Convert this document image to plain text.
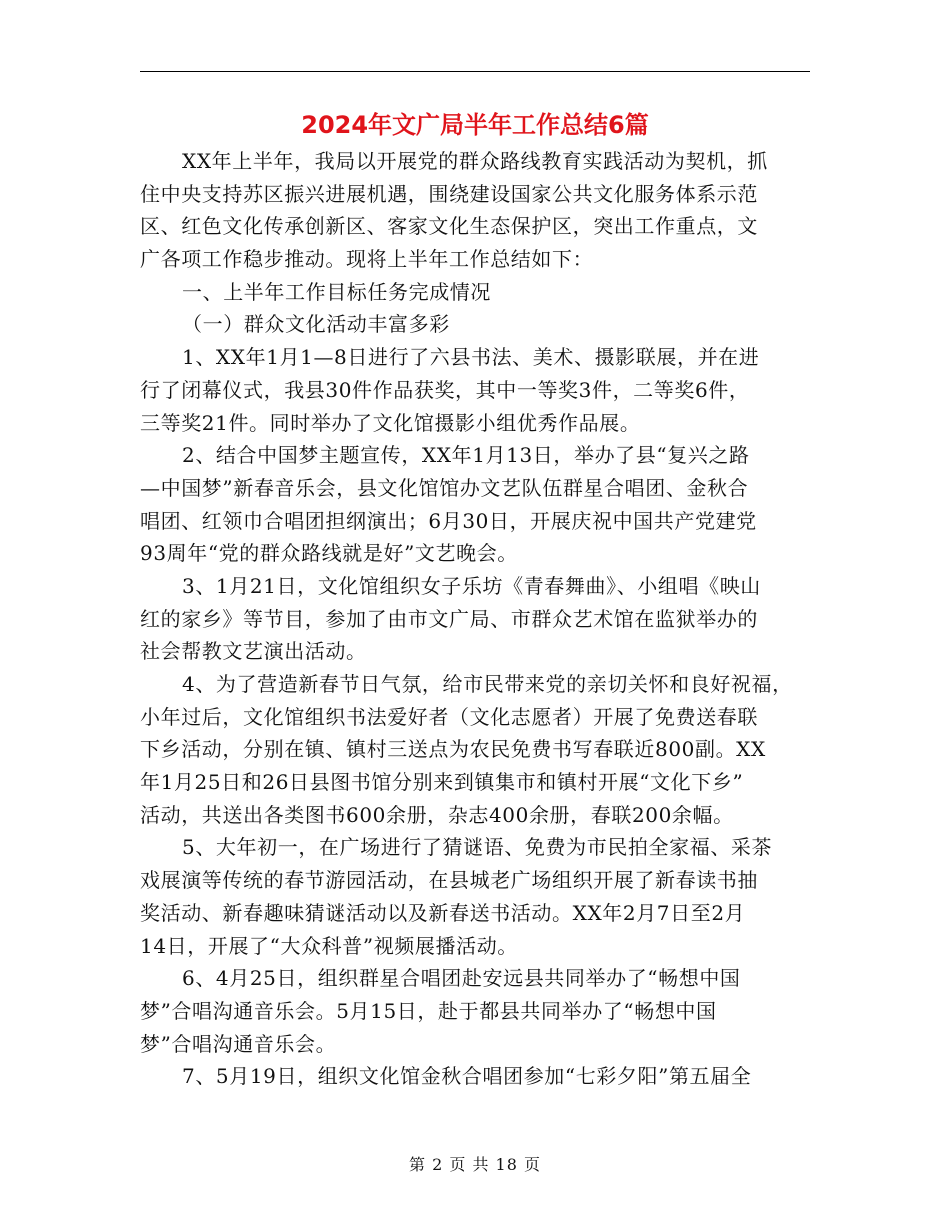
2024年文广局半年工作总结6篇
XX年上半年，我局以开展党的群众路线教育实践活动为契机，抓
住中央支持苏区振兴进展机遇，围绕建设国家公共文化服务体系示范
区、红色文化传承创新区、客家文化生态保护区，突出工作重点，文
广各项工作稳步推动。现将上半年工作总结如下：
一、上半年工作目标任务完成情况
（一）群众文化活动丰富多彩
1、XX年1月1—8日进行了六县书法、美术、摄影联展，并在进
行了闭幕仪式，我县30件作品获奖，其中一等奖3件，二等奖6件，
三等奖21件。同时举办了文化馆摄影小组优秀作品展。
2、结合中国梦主题宣传，XX年1月13日，举办了县“复兴之路
—中国梦”新春音乐会，县文化馆馆办文艺队伍群星合唱团、金秋合
唱团、红领巾合唱团担纲演出；6月30日，开展庆祝中国共产党建党
93周年“党的群众路线就是好”文艺晚会。
3、1月21日，文化馆组织女子乐坊《青春舞曲》、小组唱《映山
红的家乡》等节目，参加了由市文广局、市群众艺术馆在监狱举办的
社会帮教文艺演出活动。
4、为了营造新春节日气氛，给市民带来党的亲切关怀和良好祝福，
小年过后，文化馆组织书法爱好者（文化志愿者）开展了免费送春联
下乡活动，分别在镇、镇村三送点为农民免费书写春联近800副。XX
年1月25日和26日县图书馆分别来到镇集市和镇村开展“文化下乡”
活动，共送出各类图书600余册，杂志400余册，春联200余幅。
5、大年初一，在广场进行了猜谜语、免费为市民拍全家福、采茶
戏展演等传统的春节游园活动，在县城老广场组织开展了新春读书抽
奖活动、新春趣味猜谜活动以及新春送书活动。XX年2月7日至2月
14日，开展了“大众科普”视频展播活动。
6、4月25日，组织群星合唱团赴安远县共同举办了“畅想中国
梦”合唱沟通音乐会。5月15日，赴于都县共同举办了“畅想中国
梦”合唱沟通音乐会。
7、5月19日，组织文化馆金秋合唱团参加“七彩夕阳”第五届全
第 2 页 共 18 页
